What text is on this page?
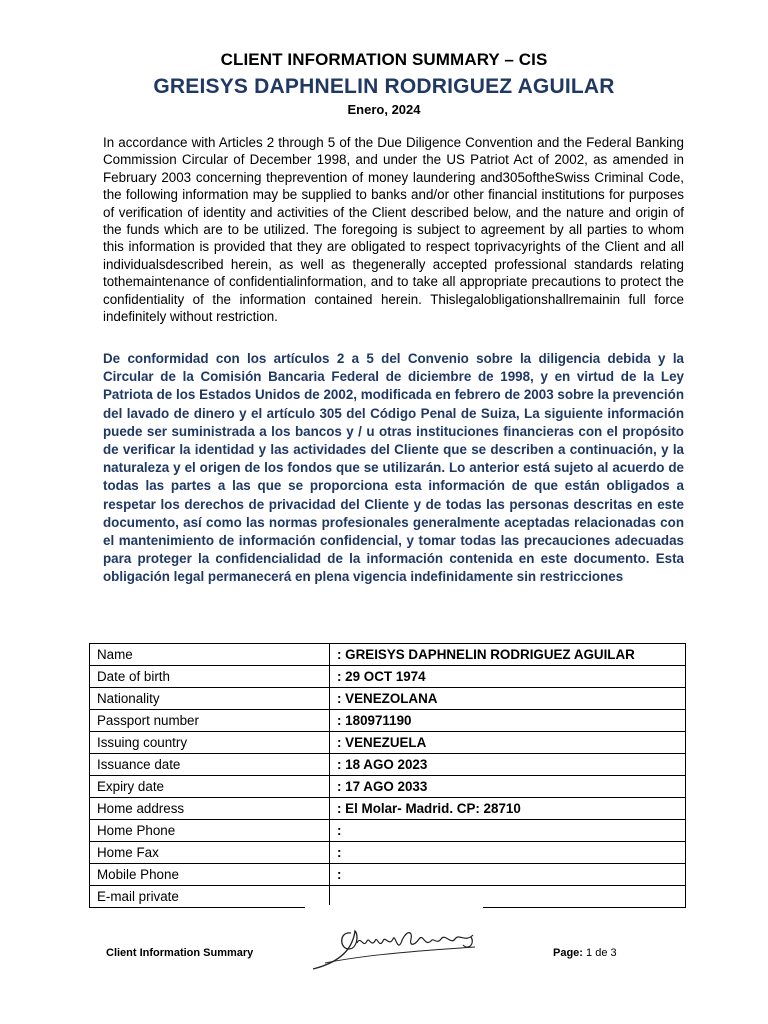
CLIENT INFORMATION SUMMARY – CIS
GREISYS DAPHNELIN RODRIGUEZ AGUILAR
Enero, 2024

In accordance with Articles 2 through 5 of the Due Diligence Convention and the Federal Banking Commission Circular of December 1998, and under the US Patriot Act of 2002, as amended in February 2003 concerning theprevention of money laundering and305oftheSwiss Criminal Code, the following information may be supplied to banks and/or other financial institutions for purposes of verification of identity and activities of the Client described below, and the nature and origin of the funds which are to be utilized. The foregoing is subject to agreement by all parties to whom this information is provided that they are obligated to respect toprivacyrights of the Client and all individualsdescribed herein, as well as thegenerally accepted professional standards relating tothemaintenance of confidentialinformation, and to take all appropriate precautions to protect the confidentiality of the information contained herein. Thislegalobligationshallremainin full force indefinitely without restriction.

De conformidad con los artículos 2 a 5 del Convenio sobre la diligencia debida y la Circular de la Comisión Bancaria Federal de diciembre de 1998, y en virtud de la Ley Patriota de los Estados Unidos de 2002, modificada en febrero de 2003 sobre la prevención del lavado de dinero y el artículo 305 del Código Penal de Suiza, La siguiente información puede ser suministrada a los bancos y / u otras instituciones financieras con el propósito de verificar la identidad y las actividades del Cliente que se describen a continuación, y la naturaleza y el origen de los fondos que se utilizarán. Lo anterior está sujeto al acuerdo de todas las partes a las que se proporciona esta información de que están obligados a respetar los derechos de privacidad del Cliente y de todas las personas descritas en este documento, así como las normas profesionales generalmente aceptadas relacionadas con el mantenimiento de información confidencial, y tomar todas las precauciones adecuadas para proteger la confidencialidad de la información contenida en este documento. Esta obligación legal permanecerá en plena vigencia indefinidamente sin restricciones

Name	: GREISYS DAPHNELIN RODRIGUEZ AGUILAR
Date of birth	: 29 OCT 1974
Nationality	: VENEZOLANA
Passport number	: 180971190
Issuing country	: VENEZUELA
Issuance date	: 18 AGO 2023
Expiry date	: 17 AGO 2033
Home address	: El Molar- Madrid. CP: 28710
Home Phone	:
Home Fax	:
Mobile Phone	:
E-mail private	
Client Information Summary	Page: 1 de 3
